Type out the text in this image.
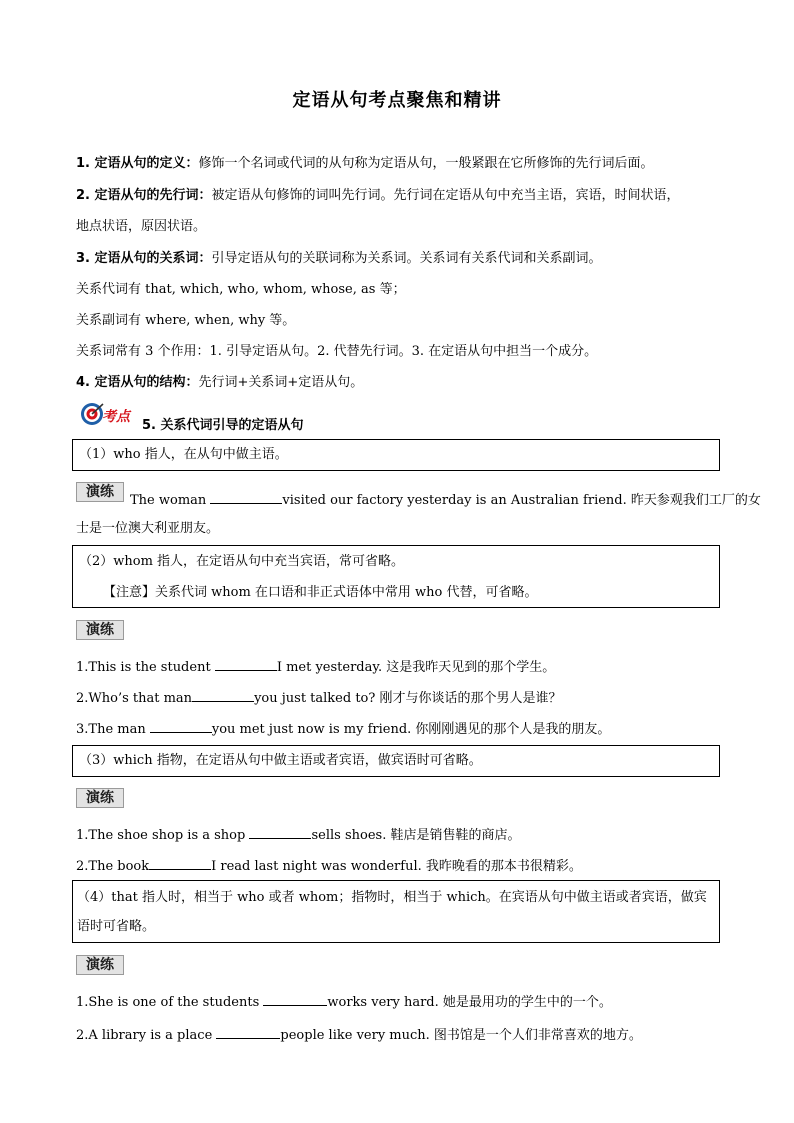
定语从句考点聚焦和精讲
1. 定语从句的定义：修饰一个名词或代词的从句称为定语从句，一般紧跟在它所修饰的先行词后面。
2. 定语从句的先行词：被定语从句修饰的词叫先行词。先行词在定语从句中充当主语，宾语，时间状语，
地点状语，原因状语。
3. 定语从句的关系词：引导定语从句的关联词称为关系词。关系词有关系代词和关系副词。
关系代词有 that, which, who, whom, whose, as 等；
关系副词有 where, when, why 等。
关系词常有 3 个作用：1. 引导定语从句。2. 代替先行词。3. 在定语从句中担当一个成分。
4. 定语从句的结构：先行词+关系词+定语从句。
考点
5. 关系代词引导的定语从句
（1）who 指人，在从句中做主语。
演练
The woman	visited our factory yesterday is an Australian friend. 昨天参观我们工厂的女
士是一位澳大利亚朋友。
（2）whom 指人，在定语从句中充当宾语，常可省略。
【注意】关系代词 whom 在口语和非正式语体中常用 who 代替，可省略。
演练
1.This is the student	I met yesterday. 这是我昨天见到的那个学生。
2.Who’s that man	you just talked to? 刚才与你谈话的那个男人是谁？
3.The man	you met just now is my friend. 你刚刚遇见的那个人是我的朋友。
（3）which 指物，在定语从句中做主语或者宾语，做宾语时可省略。
演练
1.The shoe shop is a shop	sells shoes. 鞋店是销售鞋的商店。
2.The book	I read last night was wonderful. 我昨晚看的那本书很精彩。
（4）that 指人时，相当于 who 或者 whom；指物时，相当于 which。在宾语从句中做主语或者宾语，做宾
语时可省略。
演练
1.She is one of the students	works very hard. 她是最用功的学生中的一个。
2.A library is a place	people like very much. 图书馆是一个人们非常喜欢的地方。
